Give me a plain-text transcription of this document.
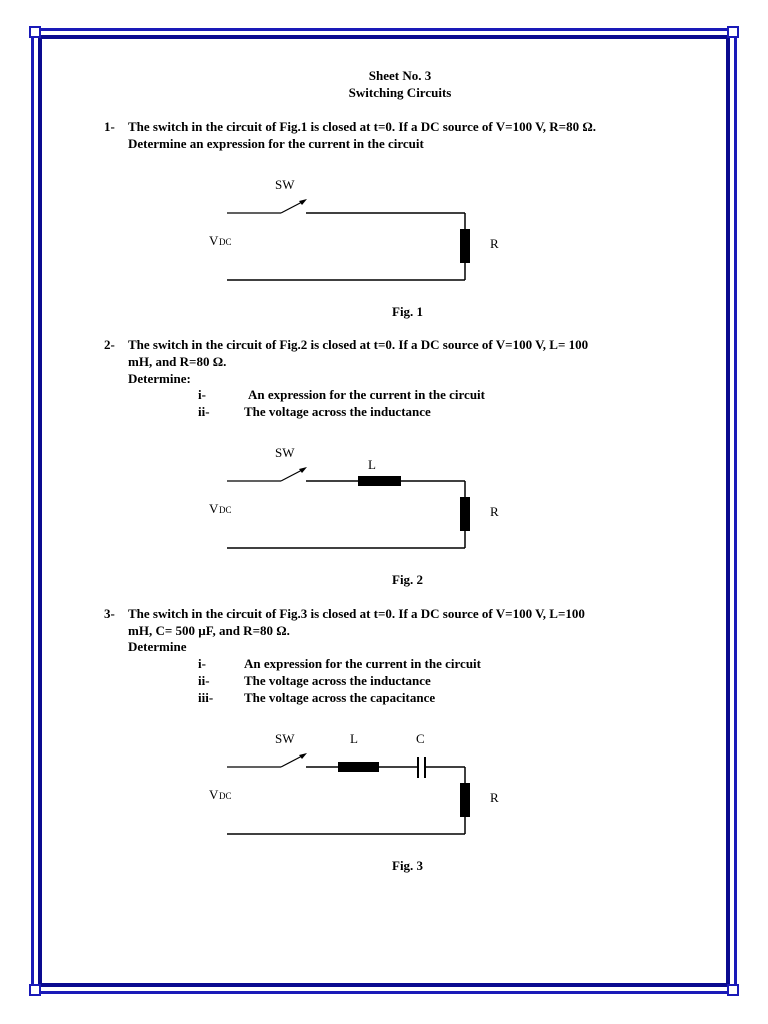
Sheet No. 3
Switching Circuits
1- The switch in the circuit of Fig.1 is closed at t=0. If a DC source of V=100 V, R=80 Ω.
Determine an expression for the current in the circuit
SW
R
V DC
Fig. 1
2- The switch in the circuit of Fig.2 is closed at t=0. If a DC source of V=100 V, L= 100
mH, and R=80 Ω.
Determine:
i-	An expression for the current in the circuit
ii-	The voltage across the inductance
SW
L
R
V DC
Fig. 2
3- The switch in the circuit of Fig.3 is closed at t=0. If a DC source of V=100 V, L=100
mH, C= 500 µF, and R=80 Ω.
Determine
i-	An expression for the current in the circuit
ii-	The voltage across the inductance
iii- The voltage across the capacitance
SW	L	C
R
V DC
Fig. 3
